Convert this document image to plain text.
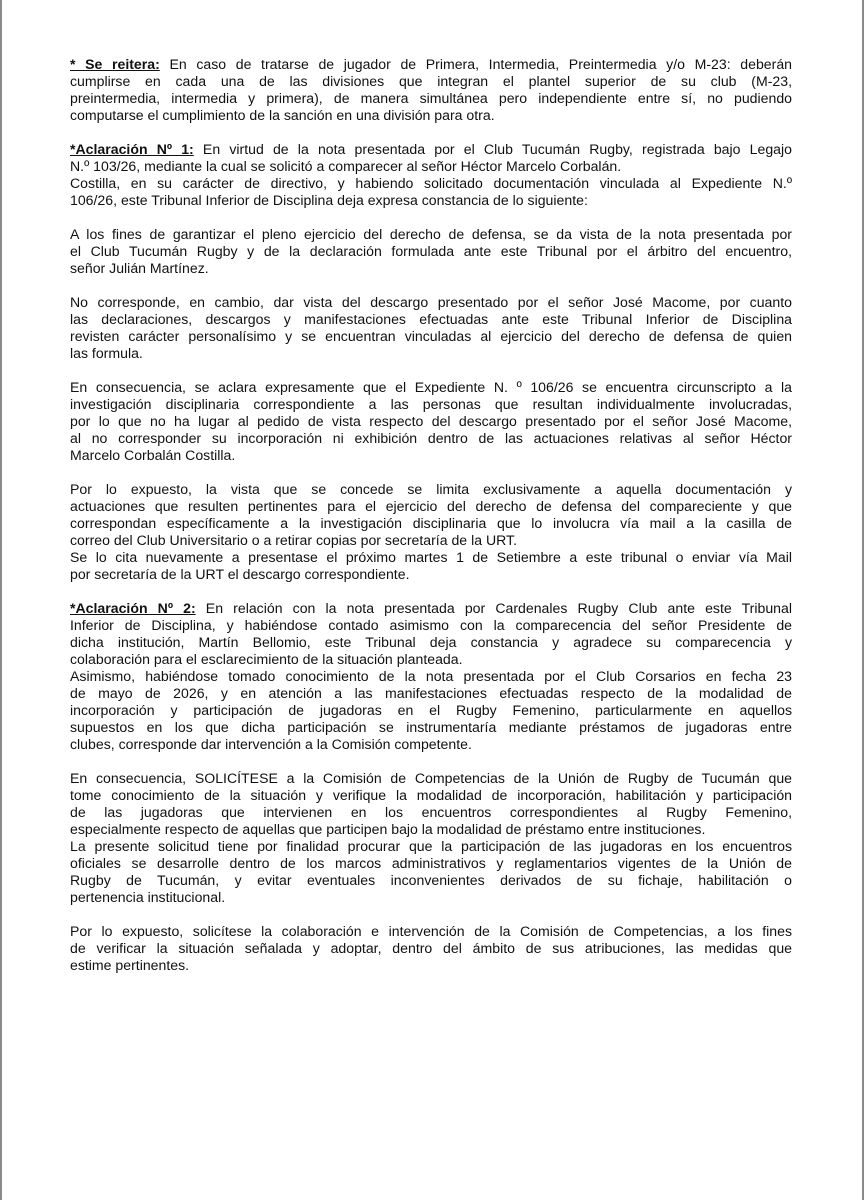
* Se reitera: En caso de tratarse de jugador de Primera, Intermedia, Preintermedia y/o M-23: deberán
cumplirse en cada una de las divisiones que integran el plantel superior de su club (M-23,
preintermedia, intermedia y primera), de manera simultánea pero independiente entre sí, no pudiendo
computarse el cumplimiento de la sanción en una división para otra.
*Aclaración Nº 1: En virtud de la nota presentada por el Club Tucumán Rugby, registrada bajo Legajo
N.º 103/26, mediante la cual se solicitó a comparecer al señor Héctor Marcelo Corbalán.
Costilla, en su carácter de directivo, y habiendo solicitado documentación vinculada al Expediente N.º
106/26, este Tribunal Inferior de Disciplina deja expresa constancia de lo siguiente:
A los fines de garantizar el pleno ejercicio del derecho de defensa, se da vista de la nota presentada por
el Club Tucumán Rugby y de la declaración formulada ante este Tribunal por el árbitro del encuentro,
señor Julián Martínez.
No corresponde, en cambio, dar vista del descargo presentado por el señor José Macome, por cuanto
las declaraciones, descargos y manifestaciones efectuadas ante este Tribunal Inferior de Disciplina
revisten carácter personalísimo y se encuentran vinculadas al ejercicio del derecho de defensa de quien
las formula.
En consecuencia, se aclara expresamente que el Expediente N. º 106/26 se encuentra circunscripto a la
investigación disciplinaria correspondiente a las personas que resultan individualmente involucradas,
por lo que no ha lugar al pedido de vista respecto del descargo presentado por el señor José Macome,
al no corresponder su incorporación ni exhibición dentro de las actuaciones relativas al señor Héctor
Marcelo Corbalán Costilla.
Por lo expuesto, la vista que se concede se limita exclusivamente a aquella documentación y
actuaciones que resulten pertinentes para el ejercicio del derecho de defensa del compareciente y que
correspondan específicamente a la investigación disciplinaria que lo involucra vía mail a la casilla de
correo del Club Universitario o a retirar copias por secretaría de la URT.
Se lo cita nuevamente a presentase el próximo martes 1 de Setiembre a este tribunal o enviar vía Mail
por secretaría de la URT el descargo correspondiente.
*Aclaración Nº 2: En relación con la nota presentada por Cardenales Rugby Club ante este Tribunal
Inferior de Disciplina, y habiéndose contado asimismo con la comparecencia del señor Presidente de
dicha institución, Martín Bellomio, este Tribunal deja constancia y agradece su comparecencia y
colaboración para el esclarecimiento de la situación planteada.
Asimismo, habiéndose tomado conocimiento de la nota presentada por el Club Corsarios en fecha 23
de mayo de 2026, y en atención a las manifestaciones efectuadas respecto de la modalidad de
incorporación y participación de jugadoras en el Rugby Femenino, particularmente en aquellos
supuestos en los que dicha participación se instrumentaría mediante préstamos de jugadoras entre
clubes, corresponde dar intervención a la Comisión competente.
En consecuencia, SOLICÍTESE a la Comisión de Competencias de la Unión de Rugby de Tucumán que
tome conocimiento de la situación y verifique la modalidad de incorporación, habilitación y participación
de las jugadoras que intervienen en los encuentros correspondientes al Rugby Femenino,
especialmente respecto de aquellas que participen bajo la modalidad de préstamo entre instituciones.
La presente solicitud tiene por finalidad procurar que la participación de las jugadoras en los encuentros
oficiales se desarrolle dentro de los marcos administrativos y reglamentarios vigentes de la Unión de
Rugby de Tucumán, y evitar eventuales inconvenientes derivados de su fichaje, habilitación o
pertenencia institucional.
Por lo expuesto, solicítese la colaboración e intervención de la Comisión de Competencias, a los fines
de verificar la situación señalada y adoptar, dentro del ámbito de sus atribuciones, las medidas que
estime pertinentes.
